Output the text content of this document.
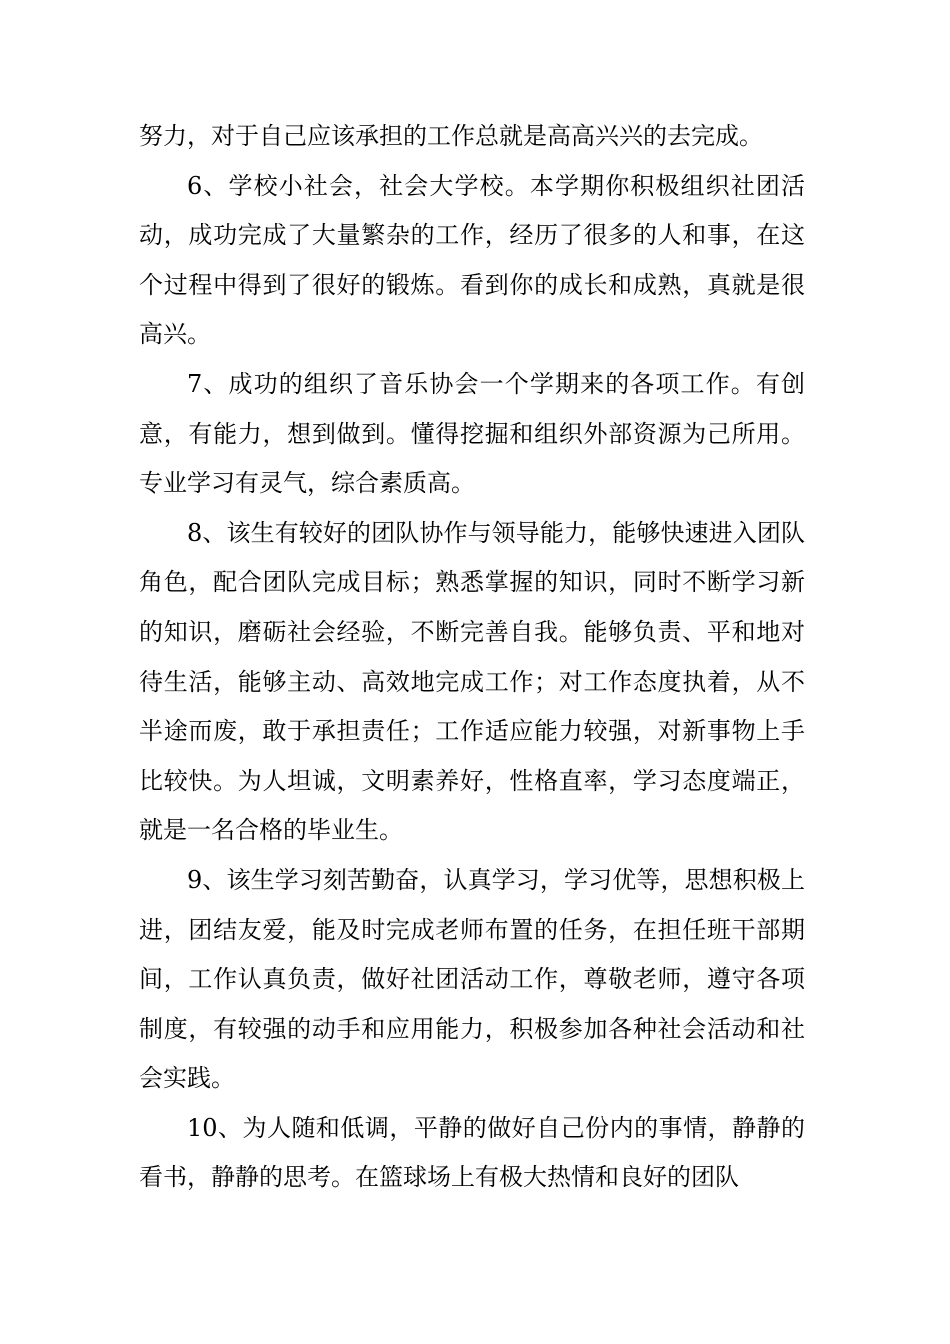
努力，对于自己应该承担的工作总就是高高兴兴的去完成。

6、学校小社会，社会大学校。本学期你积极组织社团活动，成功完成了大量繁杂的工作，经历了很多的人和事，在这个过程中得到了很好的锻炼。看到你的成长和成熟，真就是很高兴。

7、成功的组织了音乐协会一个学期来的各项工作。有创意，有能力，想到做到。懂得挖掘和组织外部资源为己所用。专业学习有灵气，综合素质高。

8、该生有较好的团队协作与领导能力，能够快速进入团队角色，配合团队完成目标；熟悉掌握的知识，同时不断学习新的知识，磨砺社会经验，不断完善自我。能够负责、平和地对待生活，能够主动、高效地完成工作；对工作态度执着，从不半途而废，敢于承担责任；工作适应能力较强，对新事物上手比较快。为人坦诚，文明素养好，性格直率，学习态度端正，就是一名合格的毕业生。

9、该生学习刻苦勤奋，认真学习，学习优等，思想积极上进，团结友爱，能及时完成老师布置的任务，在担任班干部期间，工作认真负责，做好社团活动工作，尊敬老师，遵守各项制度，有较强的动手和应用能力，积极参加各种社会活动和社会实践。

10、为人随和低调，平静的做好自己份内的事情，静静的看书，静静的思考。在篮球场上有极大热情和良好的团队
